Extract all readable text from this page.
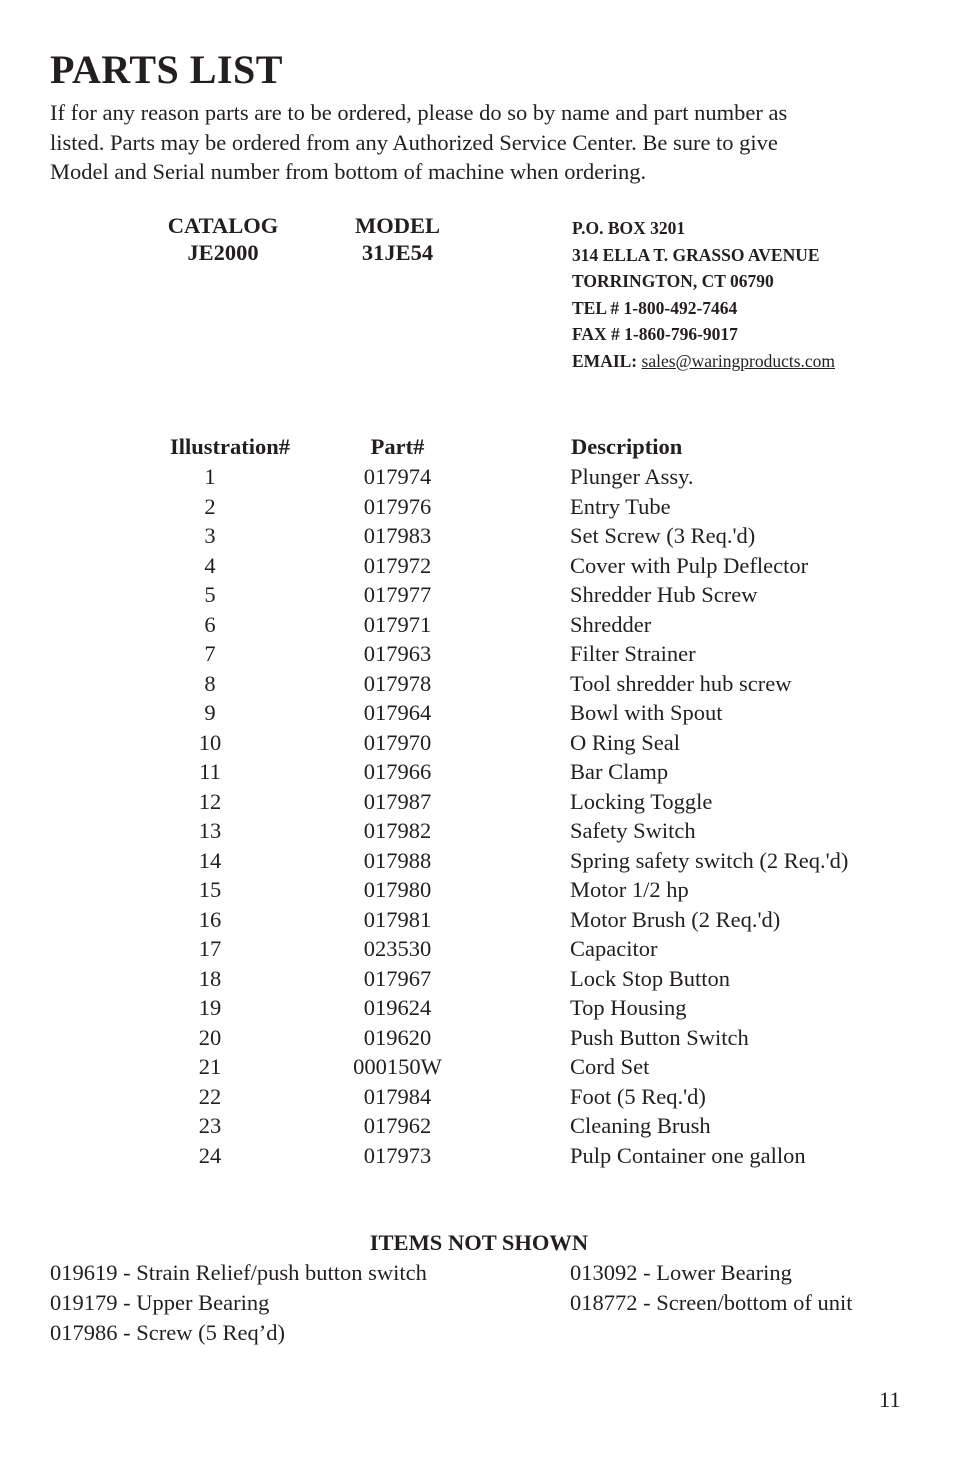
PARTS LIST
If for any reason parts are to be ordered, please do so by name and part number as
listed. Parts may be ordered from any Authorized Service Center. Be sure to give
Model and Serial number from bottom of machine when ordering.
CATALOG
JE2000
MODEL
31JE54
P.O. BOX 3201
314 ELLA T. GRASSO AVENUE
TORRINGTON, CT 06790
TEL # 1-800-492-7464
FAX # 1-860-796-9017
EMAIL: sales@waringproducts.com
Illustration#	Part#	Description
1	017974	Plunger Assy.
2	017976	Entry Tube
3	017983	Set Screw (3 Req.'d)
4	017972	Cover with Pulp Deflector
5	017977	Shredder Hub Screw
6	017971	Shredder
7	017963	Filter Strainer
8	017978	Tool shredder hub screw
9	017964	Bowl with Spout
10	017970	O Ring Seal
11	017966	Bar Clamp
12	017987	Locking Toggle
13	017982	Safety Switch
14	017988	Spring safety switch (2 Req.'d)
15	017980	Motor 1/2 hp
16	017981	Motor Brush (2 Req.'d)
17	023530	Capacitor
18	017967	Lock Stop Button
19	019624	Top Housing
20	019620	Push Button Switch
21	000150W	Cord Set
22	017984	Foot (5 Req.'d)
23	017962	Cleaning Brush
24	017973	Pulp Container one gallon
ITEMS NOT SHOWN
019619 - Strain Relief/push button switch
019179 - Upper Bearing
017986 - Screw (5 Req’d)
013092 - Lower Bearing
018772 - Screen/bottom of unit
11
